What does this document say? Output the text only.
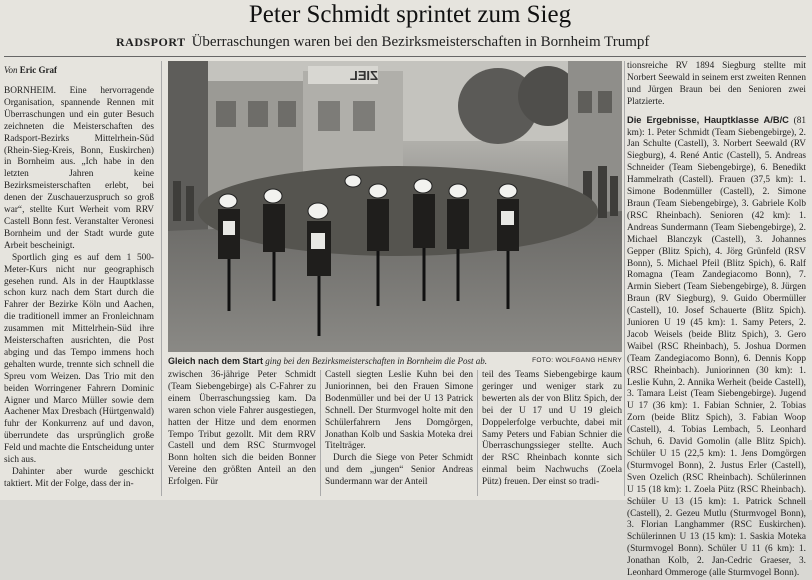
Peter Schmidt sprintet zum Sieg
RADSPORT Überraschungen waren bei den Bezirksmeisterschaften in Bornheim Trumpf
Von Eric Graf

BORNHEIM. Eine hervorragende Organisation, spannende Rennen mit Überraschungen und ein guter Besuch zeichneten die Meisterschaften des Radsport-Bezirks Mittelrhein-Süd (Rhein-Sieg-Kreis, Bonn, Euskirchen) in Bornheim aus. „Ich habe in den letzten Jahren keine Bezirksmeisterschaften erlebt, bei denen der Zuschauerzuspruch so groß war“, stellte Kurt Werheit vom RRV Castell Bonn fest. Veranstalter Veronesi Bornheim und der Stadt wurde gute Arbeit bescheinigt.

Sportlich ging es auf dem 1 500-Meter-Kurs nicht nur geographisch gesehen rund. Als in der Hauptklasse schon kurz nach dem Start durch die Fahrer der Bezirke Köln und Aachen, die traditionell immer an Fronleichnam zusammen mit Mittelrhein-Süd ihre Meisterschaften ausrichten, die Post abging und das Tempo immens hoch gehalten wurde, trennte sich schnell die Spreu vom Weizen. Das Trio mit den beiden Worringener Fahrern Dominic Aigner und Marco Müller sowie dem Aachener Max Dresbach (Hürtgenwald) fuhr der Konkurrenz auf und davon, überrundete das ursprünglich große Feld und machte die Entscheidung unter sich aus.

Dahinter aber wurde geschickt taktiert. Mit der Folge, dass der in-

ZIEL
Gleich nach dem Start ging bei den Bezirksmeisterschaften in Bornheim die Post ab.	FOTO: WOLFGANG HENRY

zwischen 36-jährige Peter Schmidt (Team Siebengebirge) als C-Fahrer zu einem Überraschungssieg kam. Da waren schon viele Fahrer ausgestiegen, hatten der Hitze und dem enormen Tempo Tribut gezollt. Mit dem RRV Castell und dem RSC Sturmvogel Bonn holten sich die beiden Bonner Vereine den größten Anteil an den Erfolgen. Für

Castell siegten Leslie Kuhn bei den Juniorinnen, bei den Frauen Simone Bodenmüller und bei der U 13 Patrick Schnell. Der Sturmvogel holte mit den Schülerfahrern Jens Domgörgen, Jonathan Kolb und Saskia Moteka drei Titelträger.

Durch die Siege von Peter Schmidt und dem „jungen“ Senior Andreas Sundermann war der Anteil

teil des Teams Siebengebirge kaum geringer und weniger stark zu bewerten als der von Blitz Spich, der bei der U 17 und U 19 gleich Doppelerfolge verbuchte, dabei mit Samy Peters und Fabian Schnier die Überraschungssieger stellte. Auch der RSC Rheinbach konnte sich einmal beim Nachwuchs (Zoela Pütz) freuen. Der einst so tradi-

tionsreiche RV 1894 Siegburg stellte mit Norbert Seewald in seinem erst zweiten Rennen und Jürgen Braun bei den Senioren zwei Platzierte.

Die Ergebnisse, Hauptklasse A/B/C (81 km): 1. Peter Schmidt (Team Siebengebirge), 2. Jan Schulte (Castell), 3. Norbert Seewald (RV Siegburg), 4. René Antic (Castell), 5. Andreas Schneider (Team Siebengebirge), 6. Benedikt Hammelrath (Castell). Frauen (37,5 km): 1. Simone Bodenmüller (Castell), 2. Simone Braun (Team Siebengebirge), 3. Gabriele Kolb (RSC Rheinbach). Senioren (42 km): 1. Andreas Sundermann (Team Siebengebirge), 2. Michael Blanczyk (Castell), 3. Johannes Gepper (Blitz Spich), 4. Jörg Grünfeld (RSV Bonn), 5. Michael Pfeil (Blitz Spich), 6. Ralf Romagna (Team Zandegiacomo Bonn), 7. Armin Siebert (Team Siebengebirge), 8. Jürgen Braun (RV Siegburg), 9. Guido Obermüller (Castell), 10. Josef Schauerte (Blitz Spich). Junioren U 19 (45 km): 1. Samy Peters, 2. Jacob Weisels (beide Blitz Spich), 3. Gero Waibel (RSC Rheinbach), 5. Joshua Dormen (Team Zandegiacomo Bonn), 6. Dennis Kopp (RSC Rheinbach). Juniorinnen (30 km): 1. Leslie Kuhn, 2. Annika Werheit (beide Castell), 3. Tamara Leist (Team Siebengebirge). Jugend U 17 (36 km): 1. Fabian Schnier, 2. Tobias Zorn (beide Blitz Spich), 3. Fabian Woop (Castell), 4. Tobias Lembach, 5. Leonhard Schuh, 6. David Gomolin (alle Blitz Spich). Schüler U 15 (22,5 km): 1. Jens Domgörgen (Sturmvogel Bonn), 2. Justus Erler (Castell), Sven Ozelich (RSC Rheinbach). Schülerinnen U 15 (18 km): 1. Zoela Pütz (RSC Rheinbach). Schüler U 13 (15 km): 1. Patrick Schnell (Castell), 2. Gezeu Mutlu (Sturmvogel Bonn), 3. Florian Langhammer (RSC Euskirchen). Schülerinnen U 13 (15 km): 1. Saskia Moteka (Sturmvogel Bonn). Schüler U 11 (6 km): 1. Jonathan Kolb, 2. Jan-Cedric Graeser, 3. Leonhard Ommeroge (alle Sturmvogel Bonn).
